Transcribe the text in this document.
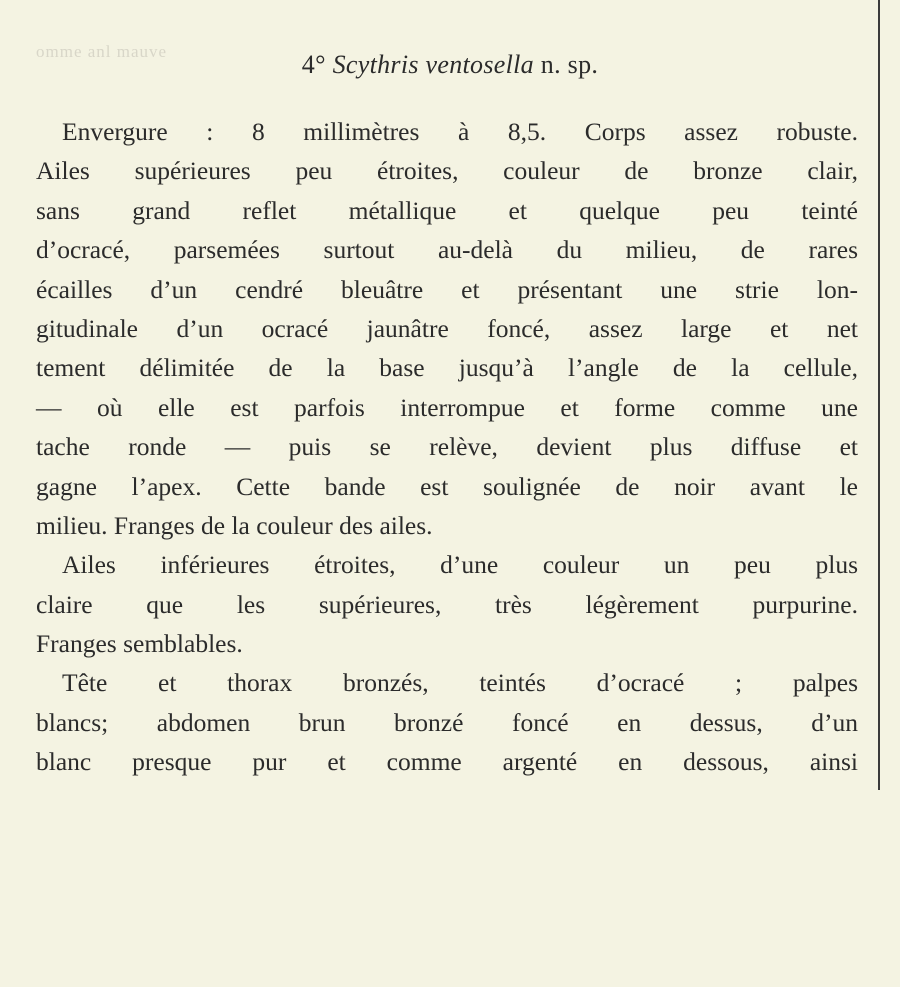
omme anl mauve	4° Scythris ventosella n. sp.
Envergure : 8 millimètres à 8,5. Corps assez robuste.
Ailes supérieures peu étroites, couleur de bronze clair,
sans grand reflet métallique et quelque peu teinté
d’ocracé, parsemées surtout au-delà du milieu, de rares
écailles d’un cendré bleuâtre et présentant une strie lon-
gitudinale d’un ocracé jaunâtre foncé, assez large et net
tement délimitée de la base jusqu’à l’angle de la cellule,
— où elle est parfois interrompue et forme comme une
tache ronde — puis se relève, devient plus diffuse et
gagne l’apex. Cette bande est soulignée de noir avant le
milieu. Franges de la couleur des ailes.
Ailes inférieures étroites, d’une couleur un peu plus
claire que les supérieures, très légèrement purpurine.
Franges semblables.
Tête et thorax bronzés, teintés d’ocracé ; palpes
blancs; abdomen brun bronzé foncé en dessus, d’un
blanc presque pur et comme argenté en dessous, ainsi
